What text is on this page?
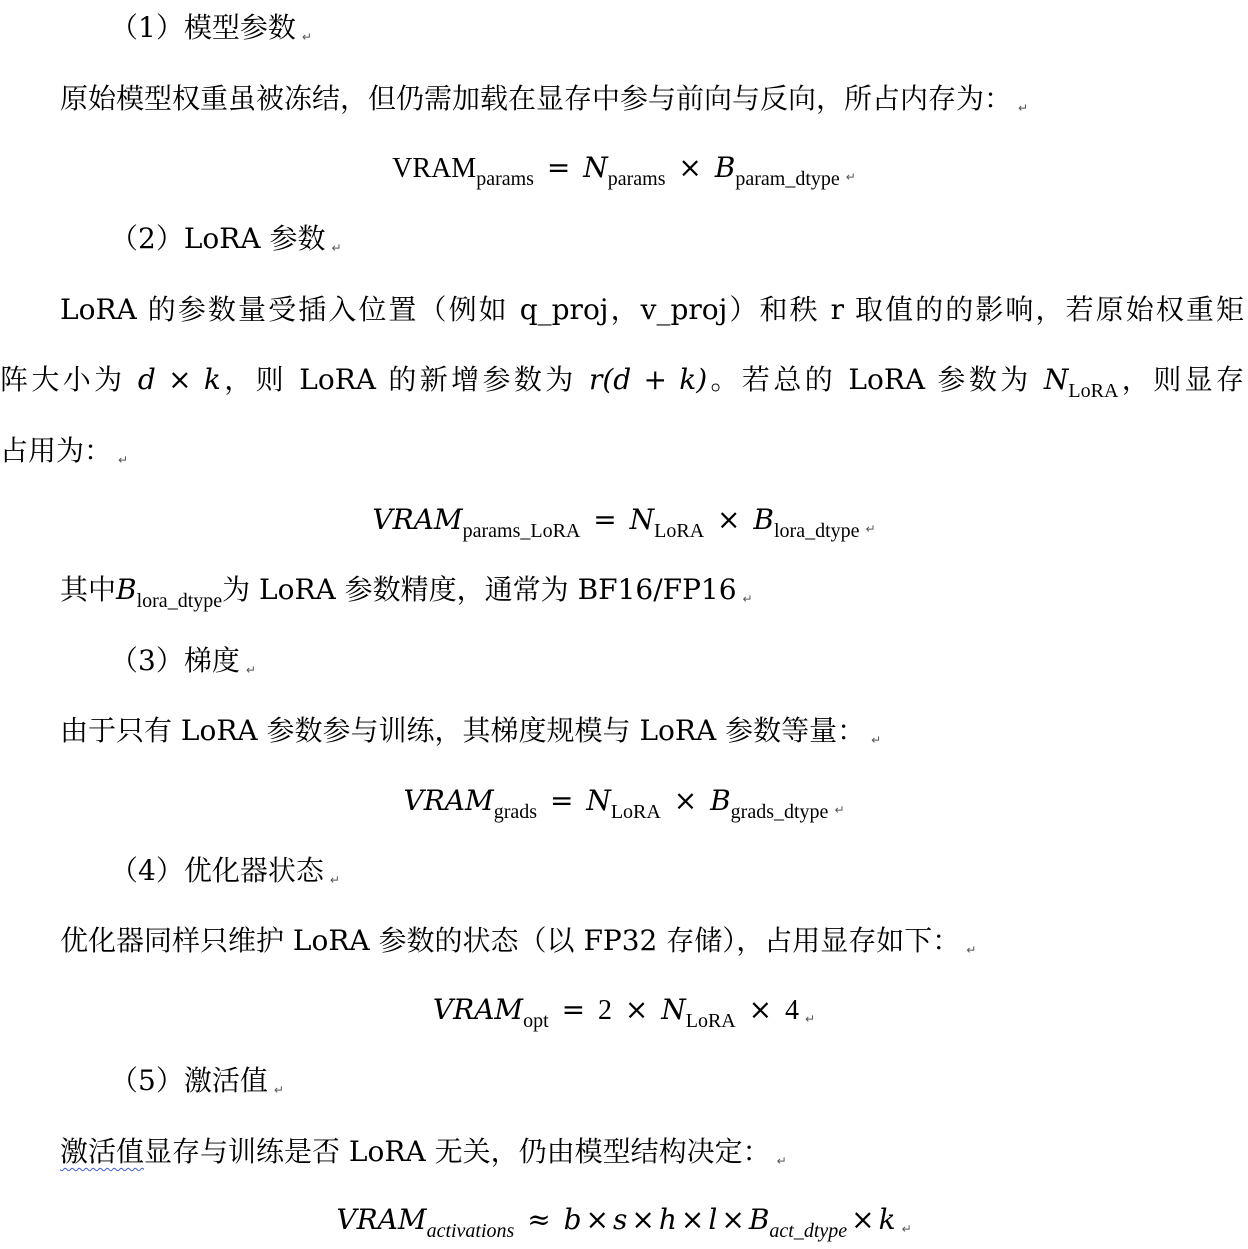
（1）模型参数 ↵
原始模型权重虽被冻结，但仍需加载在显存中参与前向与反向，所占内存为： ↵
$VRAM_{params} = N_{params} \times B_{param\_dtype}$ ↵
（2）LoRA 参数 ↵
LoRA 的参数量受插入位置（例如 q_proj，v_proj）和秩 r 取值的的影响，若原始权重矩
阵大小为 d × k，则 LoRA 的新增参数为 r(d + k)。若总的 LoRA 参数为 $N_{LoRA}$，则显存
占用为： ↵
$VRAM_{params\_LoRA} = N_{LoRA} \times B_{lora\_dtype}$ ↵
其中$B_{lora\_dtype}$为 LoRA 参数精度，通常为 BF16/FP16 ↵
（3）梯度 ↵
由于只有 LoRA 参数参与训练，其梯度规模与 LoRA 参数等量： ↵
$VRAM_{grads} = N_{LoRA} \times B_{grads\_dtype}$ ↵
（4）优化器状态 ↵
优化器同样只维护 LoRA 参数的状态（以 FP32 存储），占用显存如下： ↵
$VRAM_{opt} = 2 \times N_{LoRA} \times 4$ ↵
（5）激活值 ↵
激活值显存与训练是否 LoRA 无关，仍由模型结构决定： ↵
$VRAM_{activations} \approx b \times s \times h \times l \times B_{act\_dtype} \times k$ ↵
